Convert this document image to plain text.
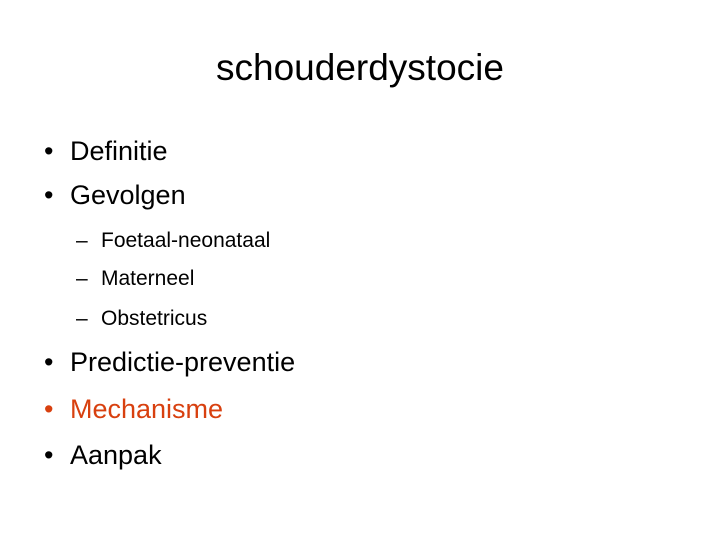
schouderdystocie
• Definitie
• Gevolgen
– Foetaal-neonataal
– Materneel
– Obstetricus
• Predictie-preventie
• Mechanisme
• Aanpak
